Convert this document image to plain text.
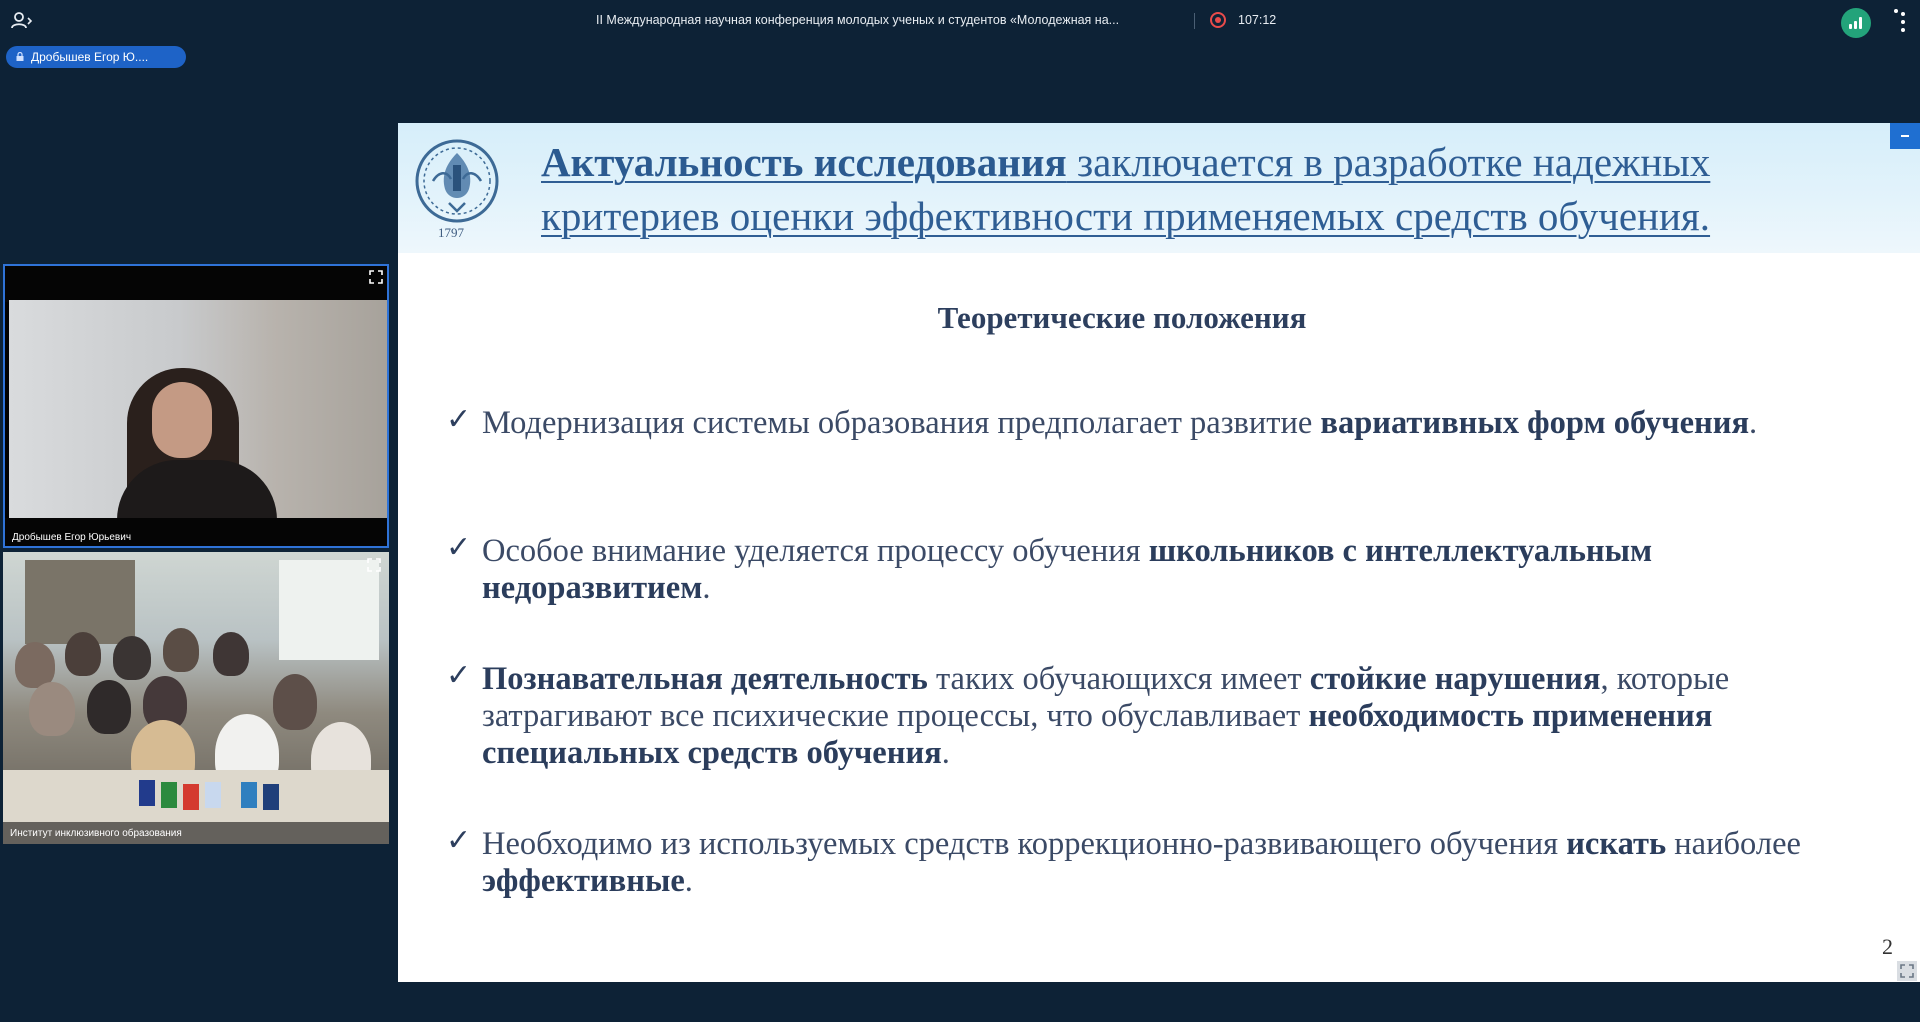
II Международная научная конференция молодых ученых и студентов «Молодежная на...	107:12
Дробышев Егор Ю....
Дробышев Егор Юрьевич
Институт инклюзивного образования
1797
Актуальность исследования заключается в разработке надежных
критериев оценки эффективности применяемых средств обучения.
Теоретические положения
✓ Модернизация системы образования предполагает развитие вариативных форм обучения.
✓ Особое внимание уделяется процессу обучения школьников с интеллектуальным недоразвитием.
✓ Познавательная деятельность таких обучающихся имеет стойкие нарушения, которые затрагивают все психические процессы, что обуславливает необходимость применения специальных средств обучения.
✓ Необходимо из используемых средств коррекционно-развивающего обучения искать наиболее эффективные.
2
